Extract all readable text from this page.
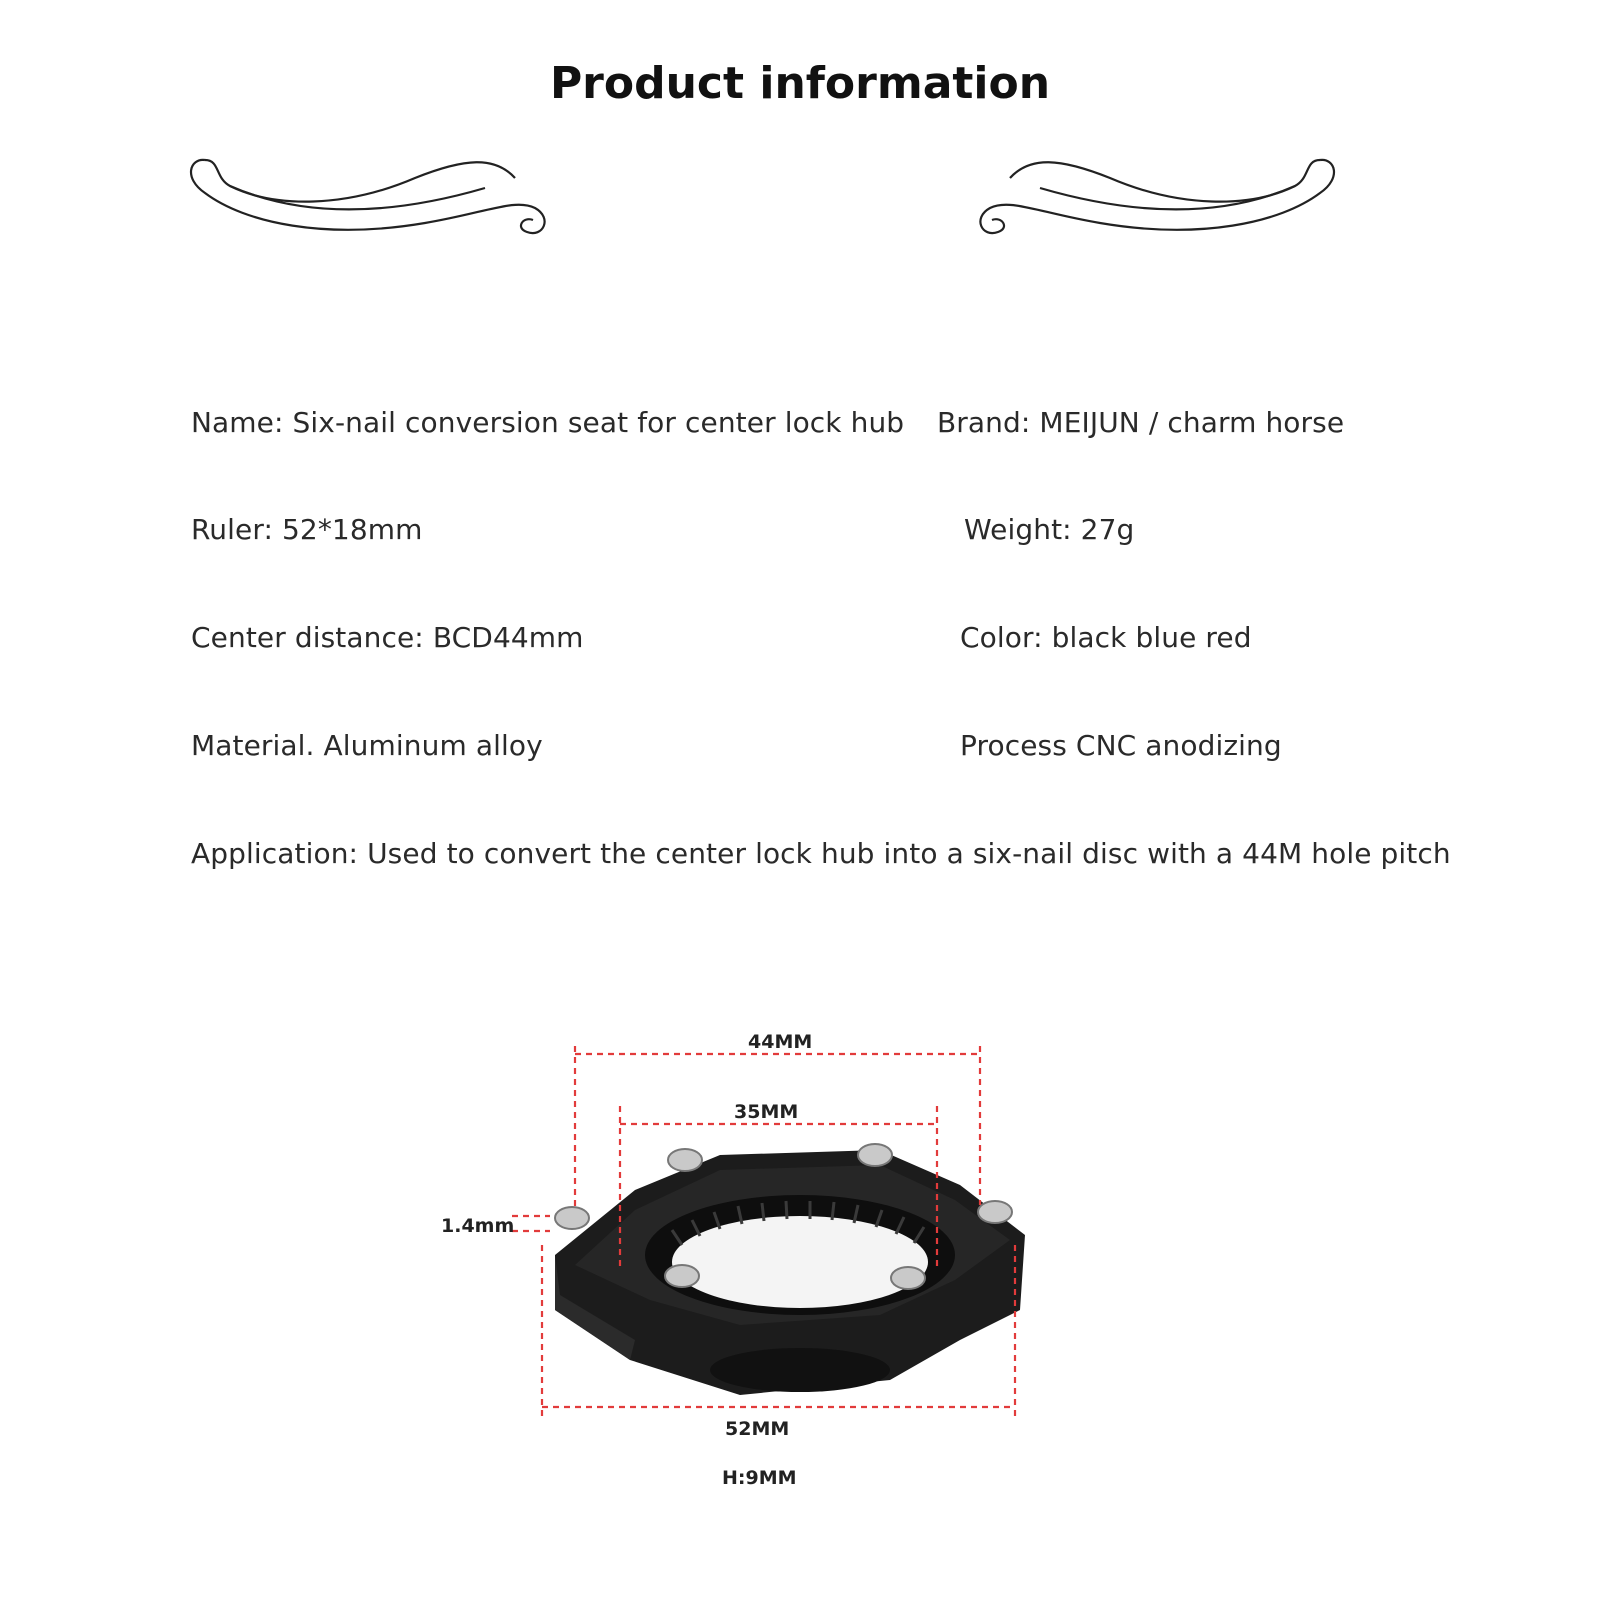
Product information
Name: Six-nail conversion seat for center lock hub Brand: MEIJUN / charm horse
Ruler: 52*18mm	Weight: 27g
Center distance: BCD44mm	Color: black blue red
Material. Aluminum alloy	Process CNC anodizing
Application: Used to convert the center lock hub into a six-nail disc with a 44M hole pitch
44MM
35MM
1.4mm
52MM
H:9MM
